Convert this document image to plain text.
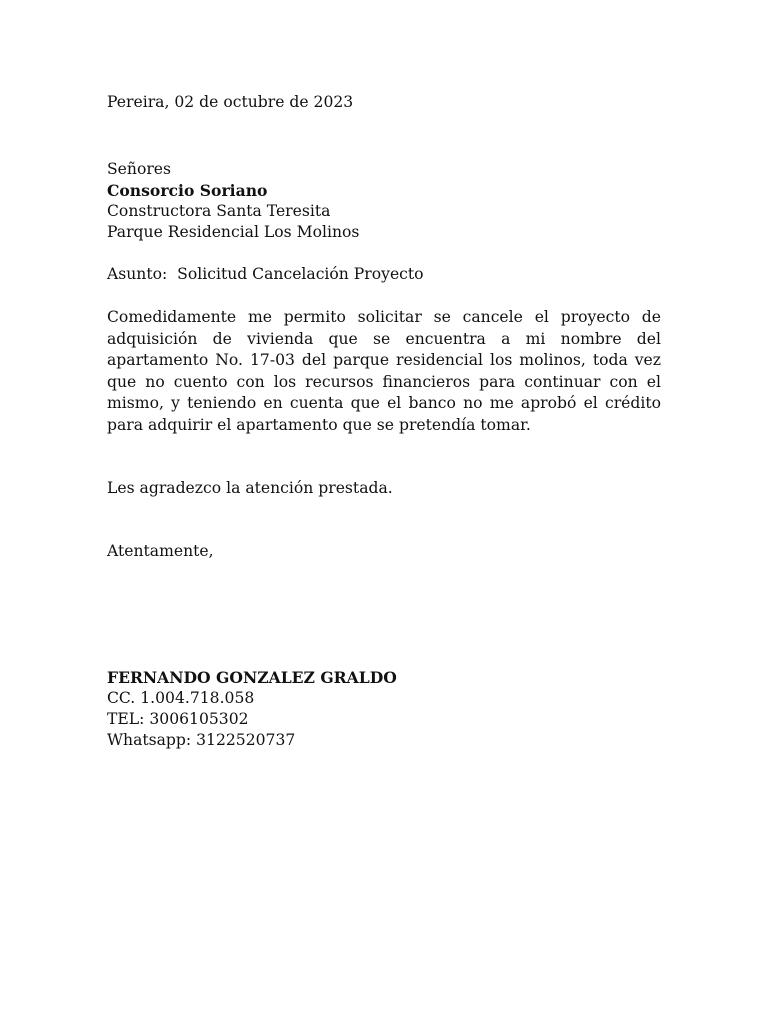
Pereira, 02 de octubre de 2023
Señores
Consorcio Soriano
Constructora Santa Teresita
Parque Residencial Los Molinos
Asunto:  Solicitud Cancelación Proyecto
Comedidamente me permito solicitar se cancele el proyecto de adquisición de vivienda que se encuentra a mi nombre del apartamento No. 17-03 del parque residencial los molinos, toda vez que no cuento con los recursos financieros para continuar con el mismo, y teniendo en cuenta que el banco no me aprobó el crédito para adquirir el apartamento que se pretendía tomar.
Les agradezco la atención prestada.
Atentamente,
FERNANDO GONZALEZ GRALDO
CC. 1.004.718.058
TEL: 3006105302
Whatsapp: 3122520737
